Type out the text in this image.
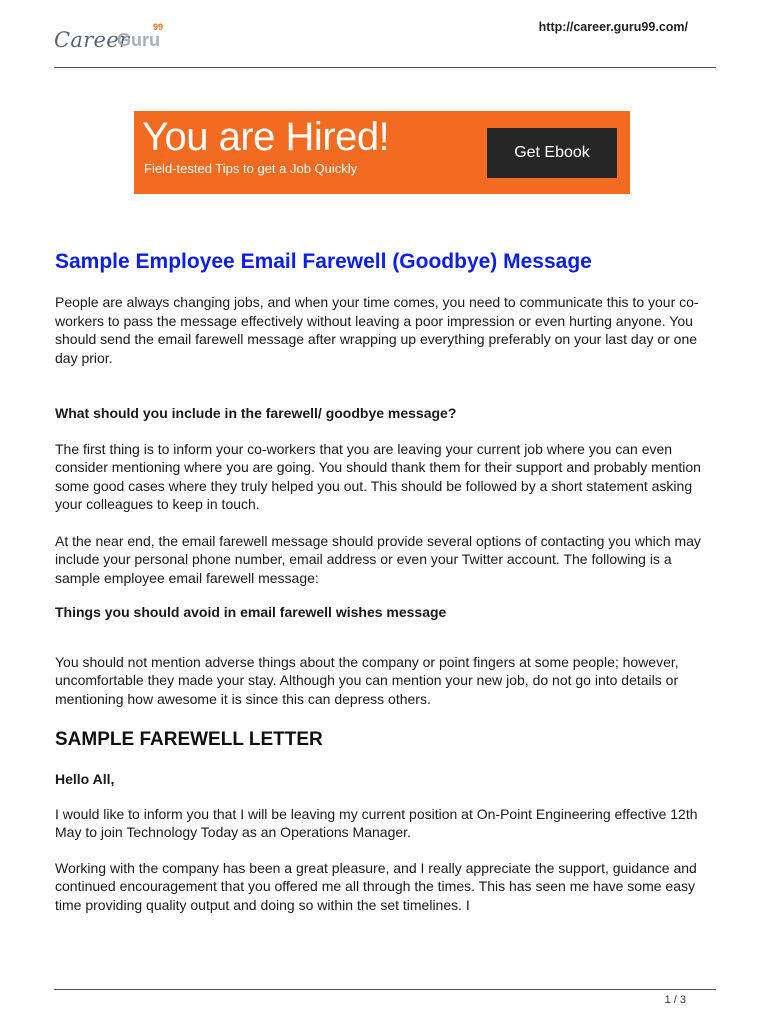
Career
Guru
99	http://career.guru99.com/
You are Hired!
Field-tested Tips to get a Job Quickly
Get Ebook
Sample Employee Email Farewell (Goodbye) Message

People are always changing jobs, and when your time comes, you need to communicate this to your co-workers to pass the message effectively without leaving a poor impression or even hurting anyone. You should send the email farewell message after wrapping up everything preferably on your last day or one day prior.

What should you include in the farewell/ goodbye message?

The first thing is to inform your co-workers that you are leaving your current job where you can even consider mentioning where you are going. You should thank them for their support and probably mention some good cases where they truly helped you out. This should be followed by a short statement asking your colleagues to keep in touch.

At the near end, the email farewell message should provide several options of contacting you which may include your personal phone number, email address or even your Twitter account. The following is a sample employee email farewell message:

Things you should avoid in email farewell wishes message

You should not mention adverse things about the company or point fingers at some people; however, uncomfortable they made your stay. Although you can mention your new job, do not go into details or mentioning how awesome it is since this can depress others.

SAMPLE FAREWELL LETTER

Hello All,

I would like to inform you that I will be leaving my current position at On-Point Engineering effective 12th May to join Technology Today as an Operations Manager.

Working with the company has been a great pleasure, and I really appreciate the support, guidance and continued encouragement that you offered me all through the times. This has seen me have some easy time providing quality output and doing so within the set timelines. I

1 / 3
